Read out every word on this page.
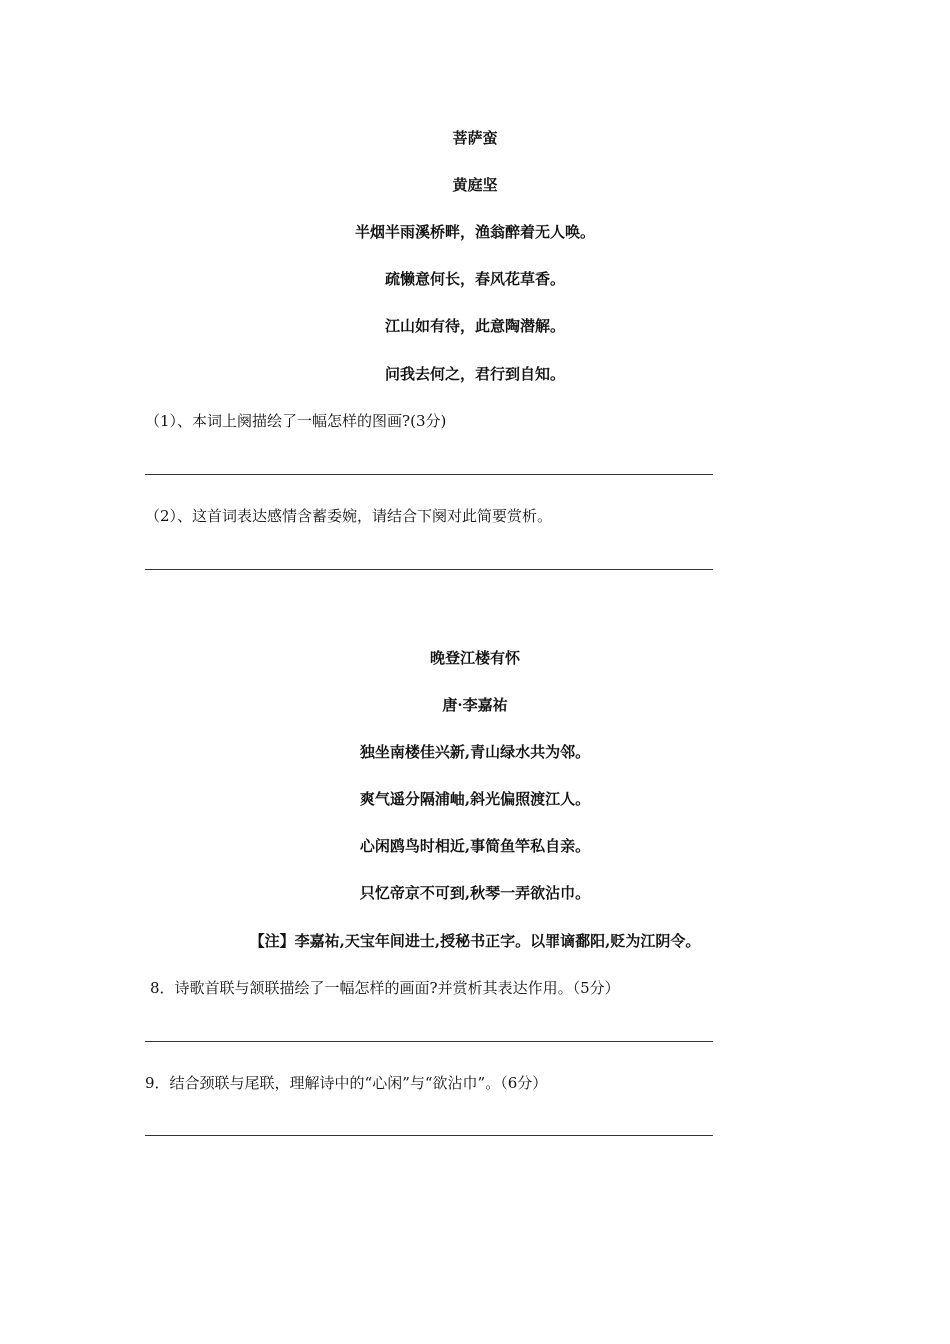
菩萨蛮
黄庭坚
半烟半雨溪桥畔，渔翁醉着无人唤。
疏懒意何长，春风花草香。
江山如有待，此意陶潜解。
问我去何之，君行到自知。
（1）、本词上阕描绘了一幅怎样的图画?(3分)
（2）、这首词表达感情含蓄委婉，请结合下阕对此简要赏析。
晚登江楼有怀
唐·李嘉祐
独坐南楼佳兴新,青山绿水共为邻。
爽气遥分隔浦岫,斜光偏照渡江人。
心闲鸥鸟时相近,事简鱼竿私自亲。
只忆帝京不可到,秋琴一弄欲沾巾。
【注】李嘉祐,天宝年间进士,授秘书正字。以罪谪鄱阳,贬为江阴令。
8．诗歌首联与颔联描绘了一幅怎样的画面?并赏析其表达作用。（5分）
9．结合颈联与尾联，理解诗中的“心闲”与“欲沾巾”。（6分）
